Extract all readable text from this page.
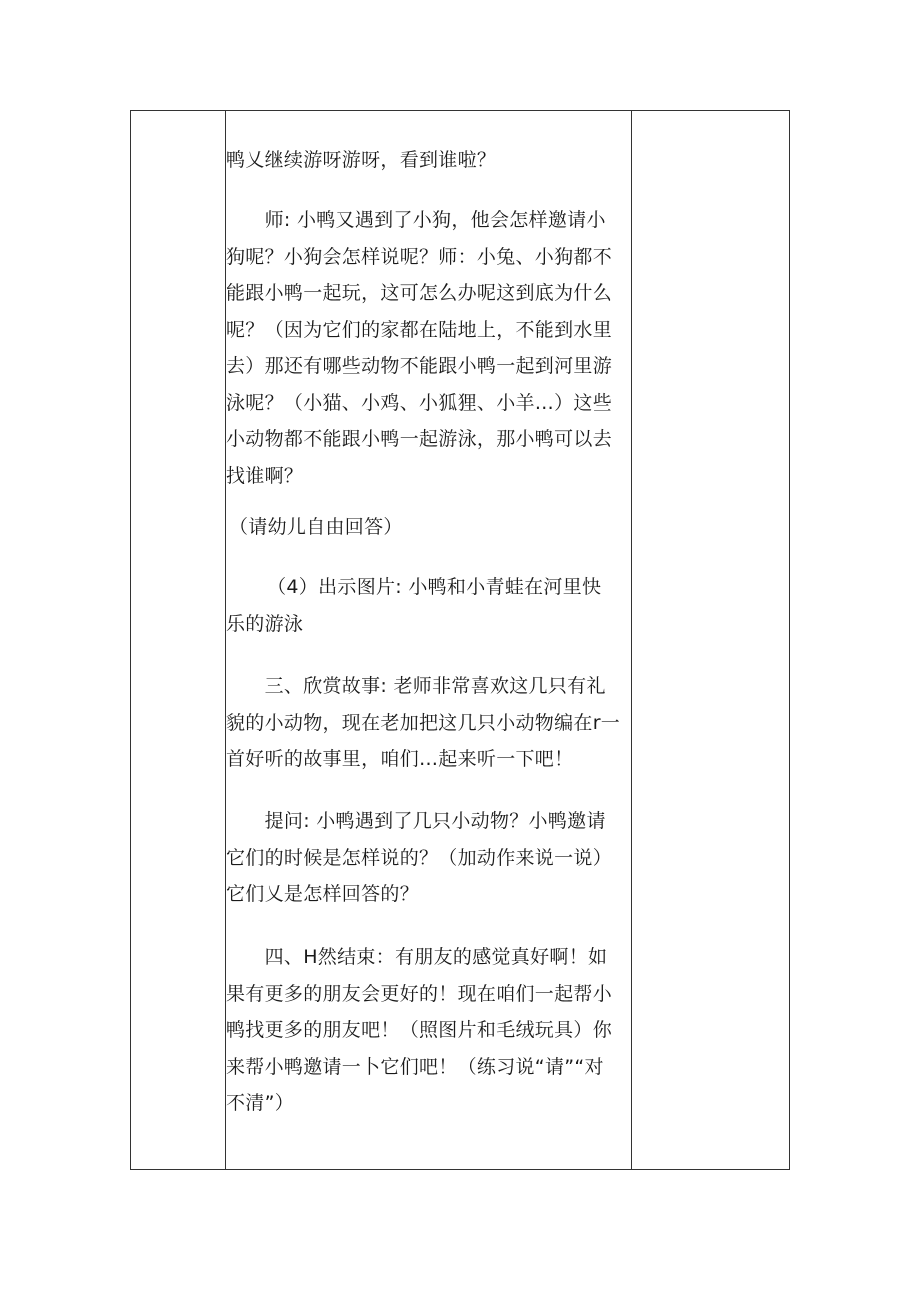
鸭乂继续游呀游呀，看到谁啦？
　　师: 小鸭又遇到了小狗，他会怎样邀请小
狗呢？小狗会怎样说呢？师：小兔、小狗都不
能跟小鸭一起玩，这可怎么办呢这到底为什么
呢？（因为它们的家都在陆地上，不能到水里
去）那还有哪些动物不能跟小鸭一起到河里游
泳呢？（小猫、小鸡、小狐狸、小羊…）这些
小动物都不能跟小鸭一起游泳，那小鸭可以去
找谁啊？
（请幼儿自由回答）
　　（4）出示图片: 小鸭和小青蛙在河里快
乐的游泳
　　三、欣赏故事: 老师非常喜欢这几只有礼
貌的小动物，现在老加把这几只小动物编在r一
首好听的故事里，咱们…起来听一下吧！
　　提问: 小鸭遇到了几只小动物？小鸭邀请
它们的时候是怎样说的？（加动作来说一说）
它们乂是怎样回答的？
　　四、H然结束：有朋友的感觉真好啊！如
果有更多的朋友会更好的！现在咱们一起帮小
鸭找更多的朋友吧！（照图片和毛绒玩具）你
来帮小鸭邀请一卜它们吧！（练习说“请”“对
不清”）
